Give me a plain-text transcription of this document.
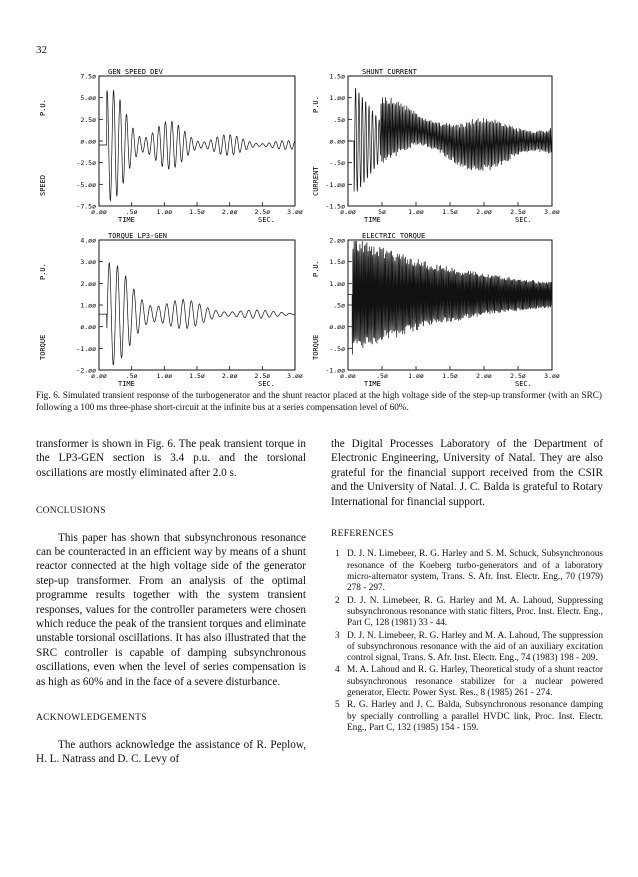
32
7.5ø
5.øø
2.5ø
ø.øø
-2.5ø
-5.øø
-7.5ø
ø.øø	.5ø	1.øø	1.5ø	2.øø	2.5ø	3.øø
GEN SPEED DEV
P.U.
SPEED
TIME	SEC.
1.5ø
1.øø
.5ø
ø.øø
-.5ø
-1.øø
-1.5ø
ø.øø	5ø	1.øø	1.5ø	2.øø	2.5ø	3.øø
SHUNT CURRENT
P.U.
CURRENT
TIME	SEC.
4.øø
3.øø
2.øø
1.øø
ø.øø
-1.øø
-2.øø
ø.øø	.5ø	1.øø	1.5ø	2.øø	2.5ø	3.øø
TORQUE LP3-GEN
P.U.
TORQUE
TIME	SEC.
2.øø
1.5ø
1.øø
.5ø
ø.øø
-.5ø
-1.øø
ø.øø	.5ø	1.øø	1.5ø	2.øø	2.5ø	3.øø
ELECTRIC TORQUE
P.U.
TORQUE
TIME	SEC.
Fig. 6. Simulated transient response of the turbogenerator and the shunt reactor placed at the high voltage side of the step-up transformer (with an SRC) following a 100 ms three-phase short-circuit at the infinite bus at a series compensation level of 60%.

transformer is shown in Fig. 6. The peak transient torque in the LP3-GEN section is 3.4 p.u. and the torsional oscillations are mostly eliminated after 2.0 s.

CONCLUSIONS

This paper has shown that subsynchronous resonance can be counteracted in an efficient way by means of a shunt reactor connected at the high voltage side of the generator step-up transformer. From an analysis of the optimal programme results together with the system transient responses, values for the controller parameters were chosen which reduce the peak of the transient torques and eliminate unstable torsional oscillations. It has also illustrated that the SRC controller is capable of damping subsynchronous oscillations, even when the level of series compensation is as high as 60% and in the face of a severe disturbance.

ACKNOWLEDGEMENTS

The authors acknowledge the assistance of R. Peplow, H. L. Natrass and D. C. Levy of

the Digital Processes Laboratory of the Department of Electronic Engineering, University of Natal. They are also grateful for the financial support received from the CSIR and the University of Natal. J. C. Balda is grateful to Rotary International for financial support.

REFERENCES
1 D. J. N. Limebeer, R. G. Harley and S. M. Schuck, Subsynchronous resonance of the Koeberg turbo-generators and of a laboratory micro-alternator system, Trans. S. Afr. Inst. Electr. Eng., 70 (1979) 278 - 297.
2 D. J. N. Limebeer, R. G. Harley and M. A. Lahoud, Suppressing subsynchronous resonance with static filters, Proc. Inst. Electr. Eng., Part C, 128 (1981) 33 - 44.
3 D. J. N. Limebeer, R. G. Harley and M. A. Lahoud, The suppression of subsynchronous resonance with the aid of an auxiliary excitation control signal, Trans. S. Afr. Inst. Electr. Eng., 74 (1983) 198 - 209.
4 M. A. Lahoud and R. G. Harley, Theoretical study of a shunt reactor subsynchronous resonance stabilizer for a nuclear powered generator, Electr. Power Syst. Res., 8 (1985) 261 - 274.
5 R. G. Harley and J. C. Balda, Subsynchronous resonance damping by specially controlling a parallel HVDC link, Proc. Inst. Electr. Eng., Part C, 132 (1985) 154 - 159.
